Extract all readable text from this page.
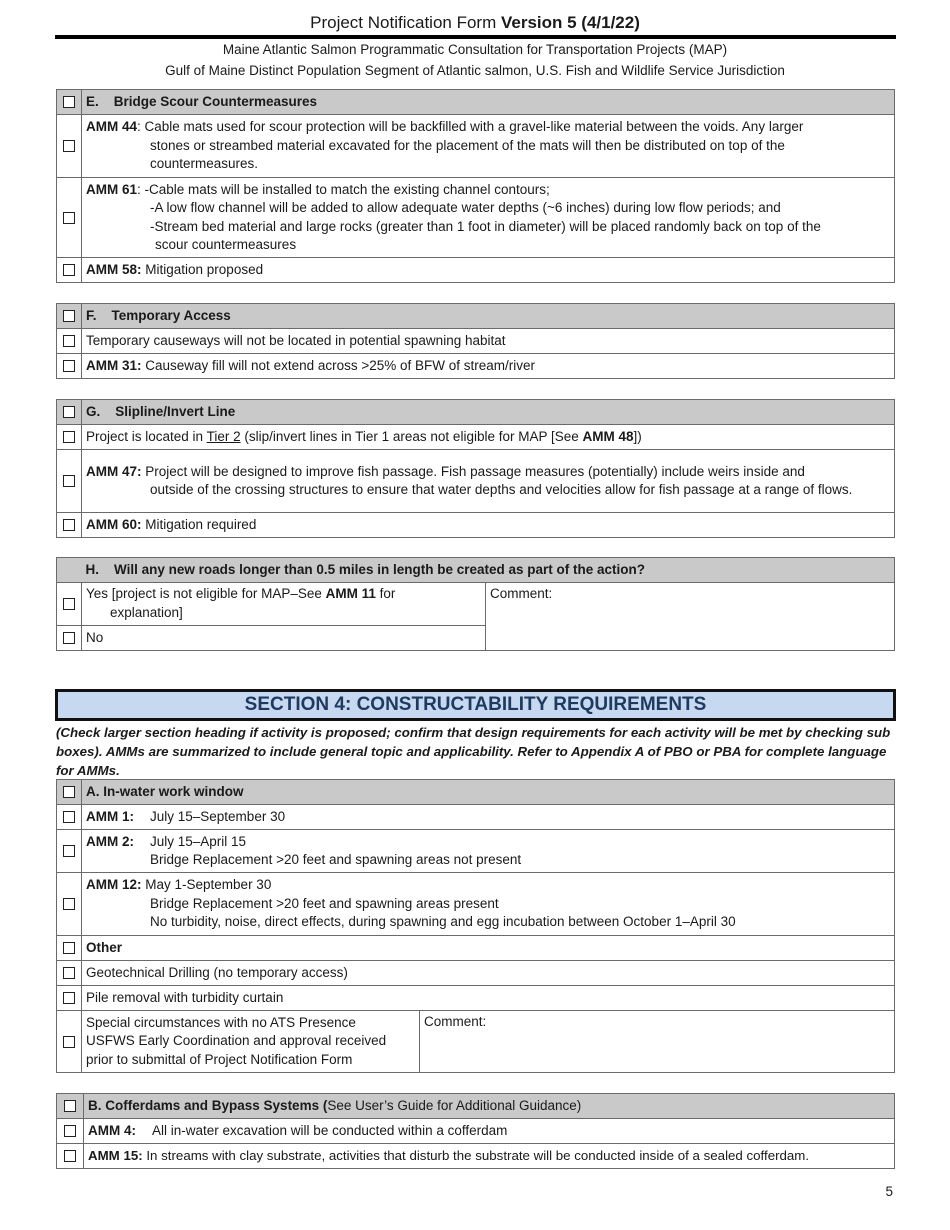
Project Notification Form Version 5 (4/1/22)
Maine Atlantic Salmon Programmatic Consultation for Transportation Projects (MAP)
Gulf of Maine Distinct Population Segment of Atlantic salmon, U.S. Fish and Wildlife Service Jurisdiction
	E.    Bridge Scour Countermeasures

	AMM 44: Cable mats used for scour protection will be backfilled with a gravel-like material between the voids. Any larger
stones or streambed material excavated for the placement of the mats will then be distributed on top of the countermeasures.

	AMM 61: -Cable mats will be installed to match the existing channel contours;
-A low flow channel will be added to allow adequate water depths (~6 inches) during low flow periods; and
-Stream bed material and large rocks (greater than 1 foot in diameter) will be placed randomly back on top of the
scour countermeasures

	AMM 58: Mitigation proposed
	F.    Temporary Access
	Temporary causeways will not be located in potential spawning habitat
	AMM 31: Causeway fill will not extend across >25% of BFW of stream/river
	G.    Slipline/Invert Line
	Project is located in Tier 2 (slip/invert lines in Tier 1 areas not eligible for MAP [See AMM 48])

	AMM 47: Project will be designed to improve fish passage. Fish passage measures (potentially) include weirs inside and
outside of the crossing structures to ensure that water depths and velocities allow for fish passage at a range of flows.

	AMM 60: Mitigation required
	H.    Will any new roads longer than 0.5 miles in length be created as part of the action?	

	Yes [project is not eligible for MAP–See AMM 11 for
explanation]	Comment:
	No	
SECTION 4: CONSTRUCTABILITY REQUIREMENTS
(Check larger section heading if activity is proposed; confirm that design requirements for each activity will be met by checking sub boxes). AMMs are summarized to include general topic and applicability. Refer to Appendix A of PBO or PBA for complete language for AMMs.
	A. In-water work window	
	AMM 1: July 15–September 30	

	AMM 2: July 15–April 15
Bridge Replacement >20 feet and spawning areas not present	

	AMM 12: May 1-September 30
Bridge Replacement >20 feet and spawning areas present
No turbidity, noise, direct effects, during spawning and egg incubation between October 1–April 30	

	Other	
	Geotechnical Drilling (no temporary access)	
	Pile removal with turbidity curtain	

	Special circumstances with no ATS Presence
USFWS Early Coordination and approval received
prior to submittal of Project Notification Form	Comment:
	B. Cofferdams and Bypass Systems (See User’s Guide for Additional Guidance)
	AMM 4: All in-water excavation will be conducted within a cofferdam
	AMM 15: In streams with clay substrate, activities that disturb the substrate will be conducted inside of a sealed cofferdam.
5
